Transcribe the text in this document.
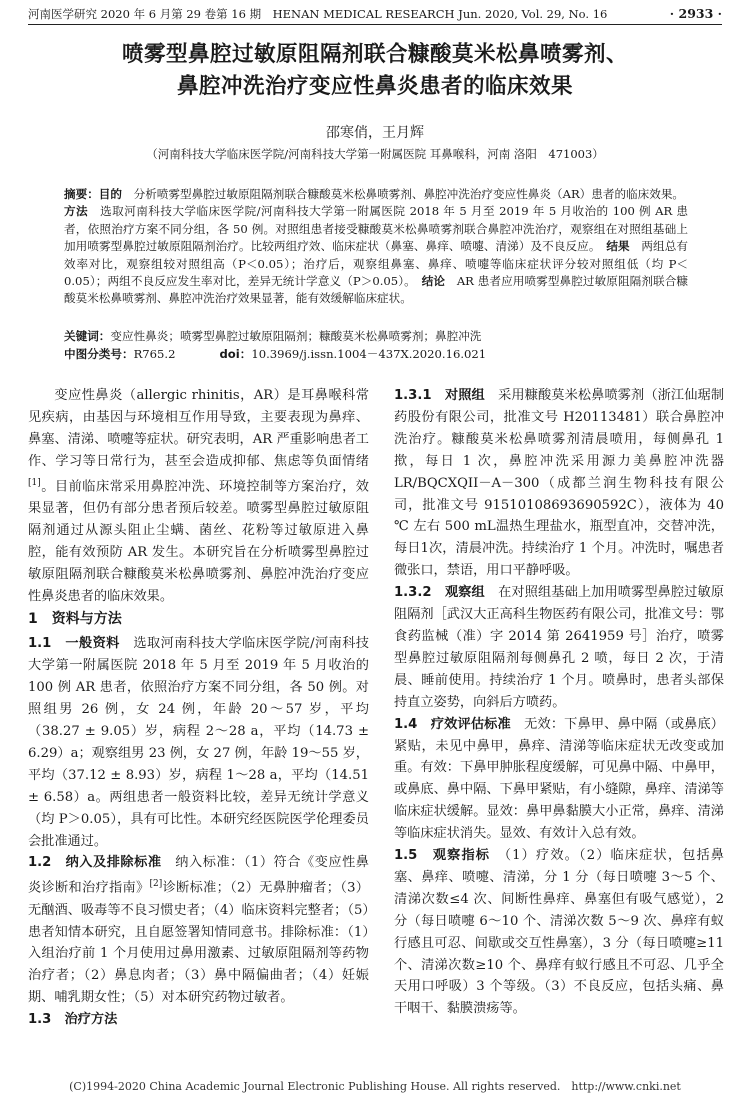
河南医学研究 2020 年 6 月第 29 卷第 16 期　HENAN MEDICAL RESEARCH Jun. 2020, Vol. 29, No. 16	· 2933 ·
喷雾型鼻腔过敏原阻隔剂联合糠酸莫米松鼻喷雾剂、
鼻腔冲洗治疗变应性鼻炎患者的临床效果
邵寒俏，王月辉
（河南科技大学临床医学院/河南科技大学第一附属医院 耳鼻喉科，河南 洛阳　471003）
摘要：目的　 分析喷雾型鼻腔过敏原阻隔剂联合糠酸莫米松鼻喷雾剂、鼻腔冲洗治疗变应性鼻炎（AR）患者的临床效果。
方法　 选取河南科技大学临床医学院/河南科技大学第一附属医院 2018 年 5 月至 2019 年 5 月收治的 100 例 AR 患者，依照治疗方案不同分组，各 50 例。对照组患者接受糠酸莫米松鼻喷雾剂联合鼻腔冲洗治疗，观察组在对照组基础上加用喷雾型鼻腔过敏原阻隔剂治疗。比较两组疗效、临床症状（鼻塞、鼻痒、喷嚏、清涕）及不良反应。　 结果　 两组总有效率对比，观察组较对照组高（P＜0.05）；治疗后，观察组鼻塞、鼻痒、喷嚏等临床症状评分较对照组低（均 P＜0.05）；两组不良反应发生率对比，差异无统计学意义（P＞0.05）。　 结论　 AR 患者应用喷雾型鼻腔过敏原阻隔剂联合糠酸莫米松鼻喷雾剂、鼻腔冲洗治疗效果显著，能有效缓解临床症状。
关键词：变应性鼻炎；喷雾型鼻腔过敏原阻隔剂；糠酸莫米松鼻喷雾剂；鼻腔冲洗
中图分类号：R765.2	doi：10.3969/j.issn.1004－437X.2020.16.021

变应性鼻炎（allergic rhinitis，AR）是耳鼻喉科常见疾病，由基因与环境相互作用导致，主要表现为鼻痒、鼻塞、清涕、喷嚏等症状。研究表明，AR 严重影响患者工作、学习等日常行为，甚至会造成抑郁、焦虑等负面情绪[1]。目前临床常采用鼻腔冲洗、环境控制等方案治疗，效果显著，但仍有部分患者预后较差。喷雾型鼻腔过敏原阻隔剂通过从源头阻止尘螨、菌丝、花粉等过敏原进入鼻腔，能有效预防 AR 发生。本研究旨在分析喷雾型鼻腔过敏原阻隔剂联合糠酸莫米松鼻喷雾剂、鼻腔冲洗治疗变应性鼻炎患者的临床效果。

1　资料与方法

1.1　一般资料　 选取河南科技大学临床医学院/河南科技大学第一附属医院 2018 年 5 月至 2019 年 5 月收治的 100 例 AR 患者，依照治疗方案不同分组，各 50 例。对照组男 26 例，女 24 例，年龄 20～57 岁，平均（38.27 ± 9.05）岁，病程 2～28 a，平均（14.73 ± 6.29）a；观察组男 23 例，女 27 例，年龄 19～55 岁，平均（37.12 ± 8.93）岁，病程 1～28 a，平均（14.51 ± 6.58）a。两组患者一般资料比较，差异无统计学意义（均 P＞0.05），具有可比性。本研究经医院医学伦理委员会批准通过。

1.2　纳入及排除标准　 纳入标准：（1）符合《变应性鼻炎诊断和治疗指南》[2]诊断标准；（2）无鼻肿瘤者；（3）无酗酒、吸毒等不良习惯史者；（4）临床资料完整者；（5）患者知情本研究，且自愿签署知情同意书。排除标准：（1）入组治疗前 1 个月使用过鼻用激素、过敏原阻隔剂等药物治疗者；（2）鼻息肉者；（3）鼻中隔偏曲者；（4）妊娠期、哺乳期女性；（5）对本研究药物过敏者。

1.3　治疗方法

1.3.1　对照组　 采用糠酸莫米松鼻喷雾剂（浙江仙琚制药股份有限公司，批准文号 H20113481）联合鼻腔冲洗治疗。糠酸莫米松鼻喷雾剂清晨喷用，每侧鼻孔 1 揿，每日 1 次，鼻腔冲洗采用源力美鼻腔冲洗器 LR/BQCXQII－A－300（成都兰润生物科技有限公司，批准文号 91510108693690592C），液体为 40 ℃ 左右 500 mL温热生理盐水，瓶型直冲，交替冲洗，每日1次，清晨冲洗。持续治疗 1 个月。冲洗时，嘱患者微张口，禁语，用口平静呼吸。

1.3.2　观察组　 在对照组基础上加用喷雾型鼻腔过敏原阻隔剂［武汉大正高科生物医药有限公司，批准文号：鄂食药监械（准）字 2014 第 2641959 号］治疗，喷雾型鼻腔过敏原阻隔剂每侧鼻孔 2 喷，每日 2 次，于清晨、睡前使用。持续治疗 1 个月。喷鼻时，患者头部保持直立姿势，向斜后方喷药。

1.4　疗效评估标准　 无效：下鼻甲、鼻中隔（或鼻底）紧贴，未见中鼻甲，鼻痒、清涕等临床症状无改变或加重。有效：下鼻甲肿胀程度缓解，可见鼻中隔、中鼻甲，或鼻底、鼻中隔、下鼻甲紧贴，有小缝隙，鼻痒、清涕等临床症状缓解。显效：鼻甲鼻黏膜大小正常，鼻痒、清涕等临床症状消失。显效、有效计入总有效。

1.5　观察指标　 （1）疗效。（2）临床症状，包括鼻塞、鼻痒、喷嚏、清涕，分 1 分（每日喷嚏 3～5 个、清涕次数≤4 次、间断性鼻痒、鼻塞但有吸气感觉），2 分（每日喷嚏 6～10 个、清涕次数 5～9 次、鼻痒有蚁行感且可忍、间歇或交互性鼻塞），3 分（每日喷嚏≥11 个、清涕次数≥10 个、鼻痒有蚁行感且不可忍、几乎全天用口呼吸）3 个等级。（3）不良反应，包括头痛、鼻干咽干、黏膜溃疡等。

(C)1994-2020 China Academic Journal Electronic Publishing House. All rights reserved.　http://www.cnki.net
